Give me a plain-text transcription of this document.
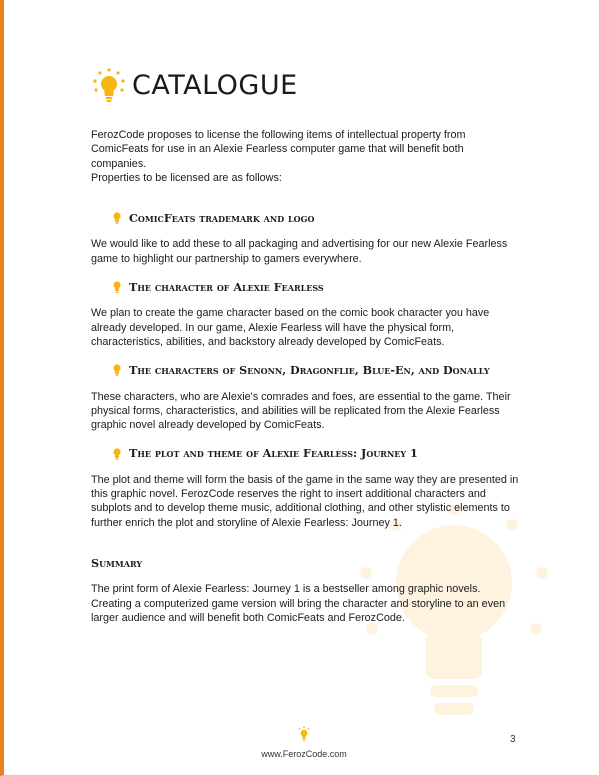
CATALOGUE

FerozCode proposes to license the following items of intellectual property from ComicFeats for use in an Alexie Fearless computer game that will benefit both companies.

Properties to be licensed are as follows:

ComicFeats trademark and logo

We would like to add these to all packaging and advertising for our new Alexie Fearless game to highlight our partnership to gamers everywhere.

The character of Alexie Fearless

We plan to create the game character based on the comic book character you have already developed. In our game, Alexie Fearless will have the physical form, characteristics, abilities, and backstory already developed by ComicFeats.

The characters of Senonn, Dragonflie, Blue-En, and Donally

These characters, who are Alexie's comrades and foes, are essential to the game. Their physical forms, characteristics, and abilities will be replicated from the Alexie Fearless graphic novel already developed by ComicFeats.

The plot and theme of Alexie Fearless: Journey 1

The plot and theme will form the basis of the game in the same way they are presented in this graphic novel. FerozCode reserves the right to insert additional characters and subplots and to develop theme music, additional clothing, and other stylistic elements to further enrich the plot and storyline of Alexie Fearless: Journey 1.

Summary

The print form of Alexie Fearless: Journey 1 is a bestseller among graphic novels. Creating a computerized game version will bring the character and storyline to an even larger audience and will benefit both ComicFeats and FerozCode.

www.FerozCode.com
3
